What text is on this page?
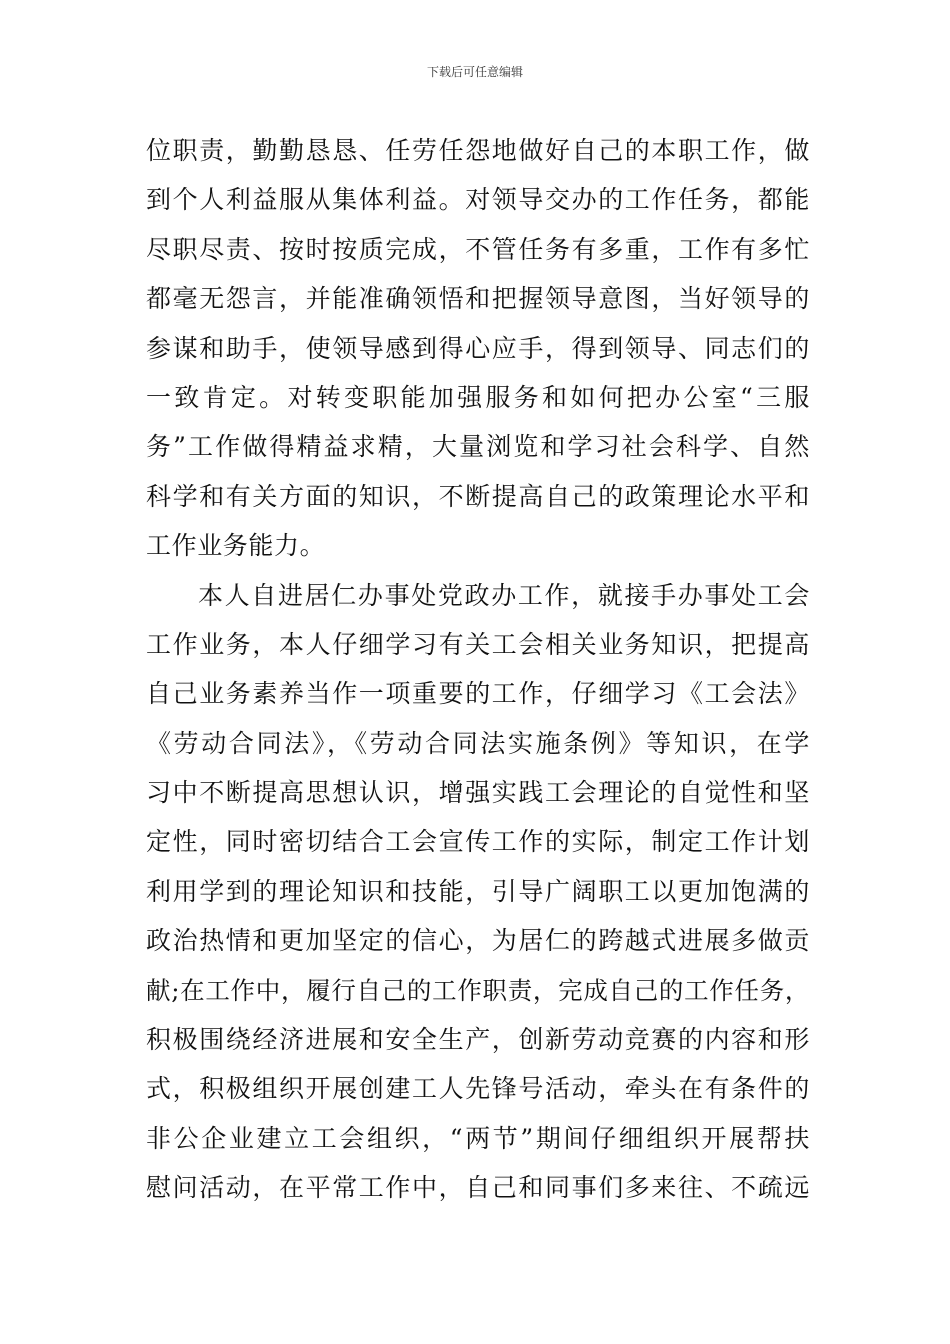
下载后可任意编辑
位职责，勤勤恳恳、任劳任怨地做好自己的本职工作，做
到个人利益服从集体利益。对领导交办的工作任务，都能
尽职尽责、按时按质完成，不管任务有多重，工作有多忙
都毫无怨言，并能准确领悟和把握领导意图，当好领导的
参谋和助手，使领导感到得心应手，得到领导、同志们的
一致肯定。对转变职能加强服务和如何把办公室“三服
务”工作做得精益求精，大量浏览和学习社会科学、自然
科学和有关方面的知识，不断提高自己的政策理论水平和
工作业务能力。
本人自进居仁办事处党政办工作，就接手办事处工会
工作业务，本人仔细学习有关工会相关业务知识，把提高
自己业务素养当作一项重要的工作，仔细学习《工会法》
《劳动合同法》，《劳动合同法实施条例》等知识，在学
习中不断提高思想认识，增强实践工会理论的自觉性和坚
定性，同时密切结合工会宣传工作的实际，制定工作计划
利用学到的理论知识和技能，引导广阔职工以更加饱满的
政治热情和更加坚定的信心，为居仁的跨越式进展多做贡
献;在工作中，履行自己的工作职责，完成自己的工作任务，
积极围绕经济进展和安全生产，创新劳动竞赛的内容和形
式，积极组织开展创建工人先锋号活动，牵头在有条件的
非公企业建立工会组织，“两节”期间仔细组织开展帮扶
慰问活动，在平常工作中，自己和同事们多来往、不疏远
